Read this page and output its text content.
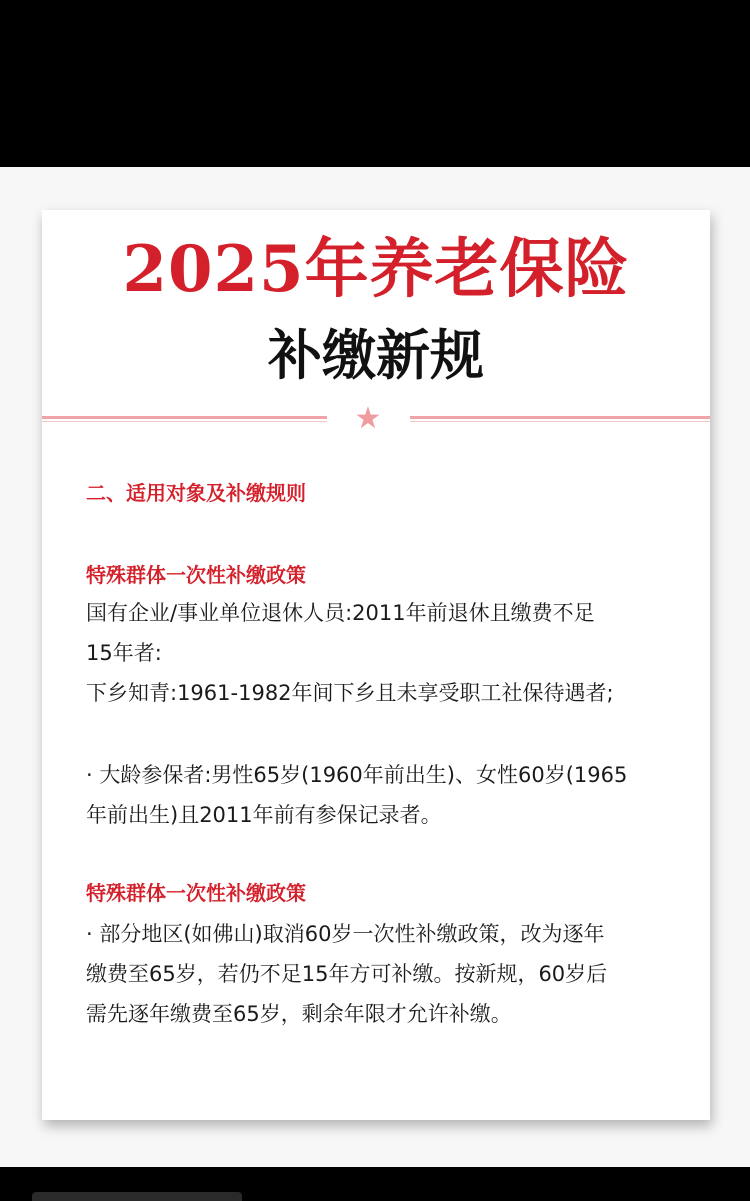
2025年养老保险
补缴新规
★
二、适用对象及补缴规则
特殊群体一次性补缴政策
国有企业/事业单位退休人员:2011年前退休且缴费不足
15年者:
下乡知青:1961-1982年间下乡且未享受职工社保待遇者;
· 大龄参保者:男性65岁(1960年前出生)、女性60岁(1965
年前出生)且2011年前有参保记录者。
特殊群体一次性补缴政策
· 部分地区(如佛山)取消60岁一次性补缴政策，改为逐年
缴费至65岁，若仍不足15年方可补缴。按新规，60岁后
需先逐年缴费至65岁，剩余年限才允许补缴。
